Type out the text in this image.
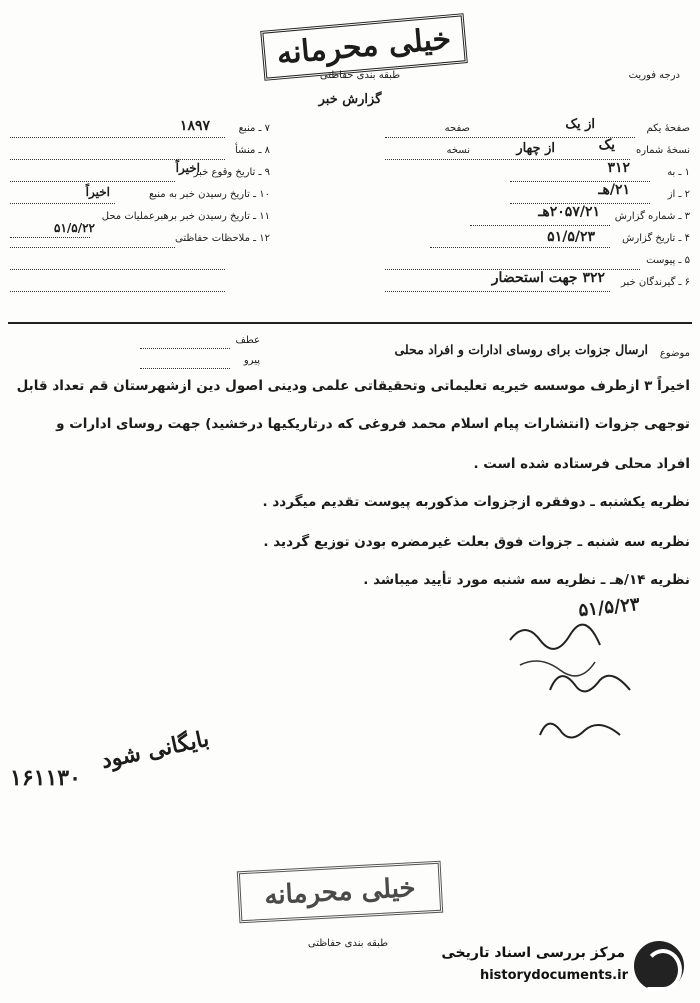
خیلی محرمانه
طبقه بندی حفاظتی
گزارش خبر
درجه فوریت
صفحهٔ یکم
از یک
صفحه
نسخهٔ شماره
یک
از چهار
نسخه
۱ ـ به
۳۱۲
۲ ـ از
۲۱/هـ
۳ ـ شماره گزارش
۲۰۵۷/۲۱هـ
۴ ـ تاریخ گزارش
۵۱/۵/۲۳
۵ ـ پیوست
۶ ـ گیرندگان خبر
۳۲۲ جهت استحضار
۷ ـ منبع
۱۸۹۷
۸ ـ منشأ
۹ ـ تاریخ وقوع خبر
اخیراً
۱۰ ـ تاریخ رسیدن خبر به منبع
اخیراً
۱۱ ـ تاریخ رسیدن خبر برهبرعملیات محل
۵۱/۵/۲۲
۱۲ ـ ملاحظات حفاظتی
عطف
پیرو
موضوع
ارسال جزوات برای روسای ادارات و افراد محلی
اخیراً ۳ ازطرف موسسه خیریه تعلیماتی وتحقیقاتی علمی ودینی اصول دین ازشهرستان قم تعداد قابل
توجهی جزوات (انتشارات پیام اسلام محمد فروغی که درتاریکیها درخشید) جهت روسای ادارات و
افراد محلی فرستاده شده است .
نظریه یکشنبه ـ دوفقره ازجزوات مذکوربه پیوست تقدیم میگردد .
نظریه سه شنبه ـ جزوات فوق بعلت غیرمضره بودن توزیع گردید .
نظریه ۱۴/هـ ـ نظریه سه شنبه مورد تأیید میباشد .
۵۱/۵/۲۳
۱۶۱۱۳۰
بایگانی شود
خیلی محرمانه
طبقه بندی حفاظتی
مرکز بررسی اسناد تاریخی
historydocuments.ir
